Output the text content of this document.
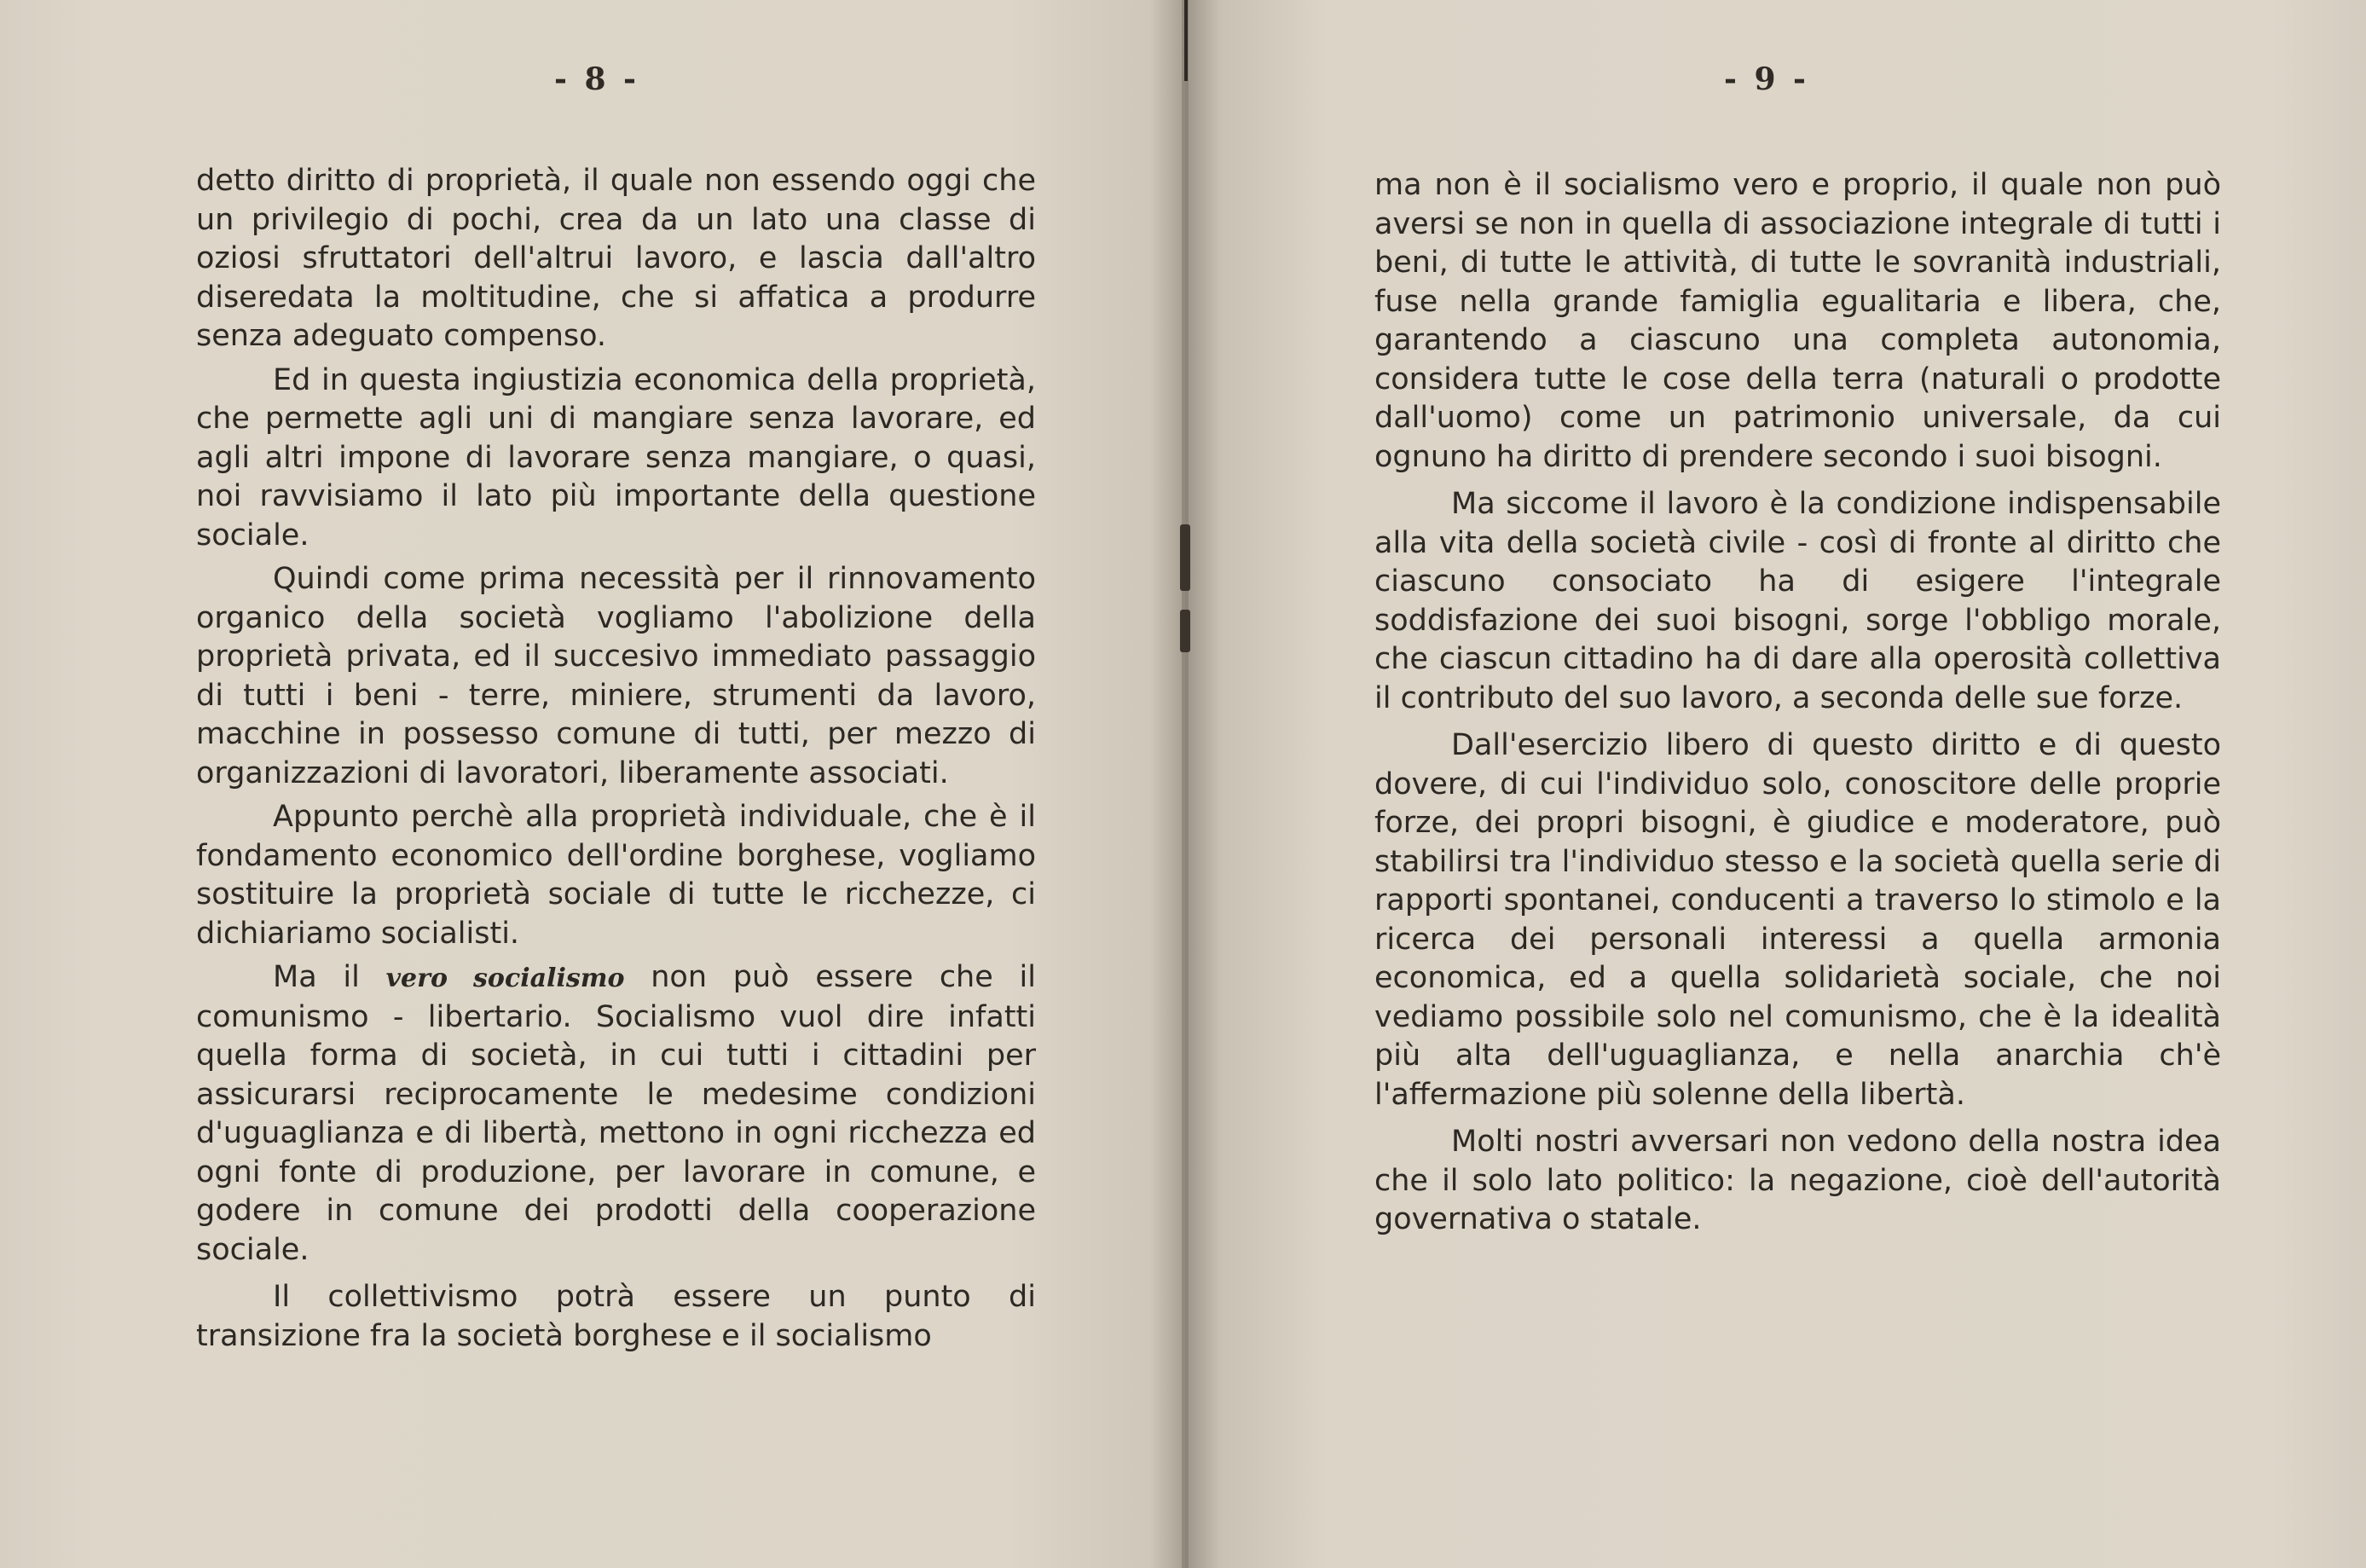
- 8 -

detto diritto di proprietà, il quale non essendo oggi che un privilegio di pochi, crea da un lato una classe di oziosi sfruttatori dell'altrui lavoro, e lascia dall'altro diseredata la moltitudine, che si affatica a produrre senza adeguato compenso.

Ed in questa ingiustizia economica della proprietà, che permette agli uni di mangiare senza lavorare, ed agli altri impone di lavorare senza mangiare, o quasi, noi ravvisiamo il lato più importante della questione sociale.

Quindi come prima necessità per il rinnovamento organico della società vogliamo l'abolizione della proprietà privata, ed il succesivo immediato passaggio di tutti i beni - terre, miniere, strumenti da lavoro, macchine in possesso comune di tutti, per mezzo di organizzazioni di lavoratori, liberamente associati.

Appunto perchè alla proprietà individuale, che è il fondamento economico dell'ordine borghese, vogliamo sostituire la proprietà sociale di tutte le ricchezze, ci dichiariamo socialisti.

Ma il vero socialismo non può essere che il comunismo - libertario. Socialismo vuol dire infatti quella forma di società, in cui tutti i cittadini per assicurarsi reciprocamente le medesime condizioni d'uguaglianza e di libertà, mettono in ogni ricchezza ed ogni fonte di produzione, per lavorare in comune, e godere in comune dei prodotti della cooperazione sociale.

Il collettivismo potrà essere un punto di transizione fra la società borghese e il socialismo

- 9 -

ma non è il socialismo vero e proprio, il quale non può aversi se non in quella di associazione integrale di tutti i beni, di tutte le attività, di tutte le sovranità industriali, fuse nella grande famiglia egualitaria e libera, che, garantendo a ciascuno una completa autonomia, considera tutte le cose della terra (naturali o prodotte dall'uomo) come un patrimonio universale, da cui ognuno ha diritto di prendere secondo i suoi bisogni.

Ma siccome il lavoro è la condizione indispensabile alla vita della società civile - così di fronte al diritto che ciascuno consociato ha di esigere l'integrale soddisfazione dei suoi bisogni, sorge l'obbligo morale, che ciascun cittadino ha di dare alla operosità collettiva il contributo del suo lavoro, a seconda delle sue forze.

Dall'esercizio libero di questo diritto e di questo dovere, di cui l'individuo solo, conoscitore delle proprie forze, dei propri bisogni, è giudice e moderatore, può stabilirsi tra l'individuo stesso e la società quella serie di rapporti spontanei, conducenti a traverso lo stimolo e la ricerca dei personali interessi a quella armonia economica, ed a quella solidarietà sociale, che noi vediamo possibile solo nel comunismo, che è la idealità più alta dell'uguaglianza, e nella anarchia ch'è l'affermazione più solenne della libertà.

Molti nostri avversari non vedono della nostra idea che il solo lato politico: la negazione, cioè dell'autorità governativa o statale.
